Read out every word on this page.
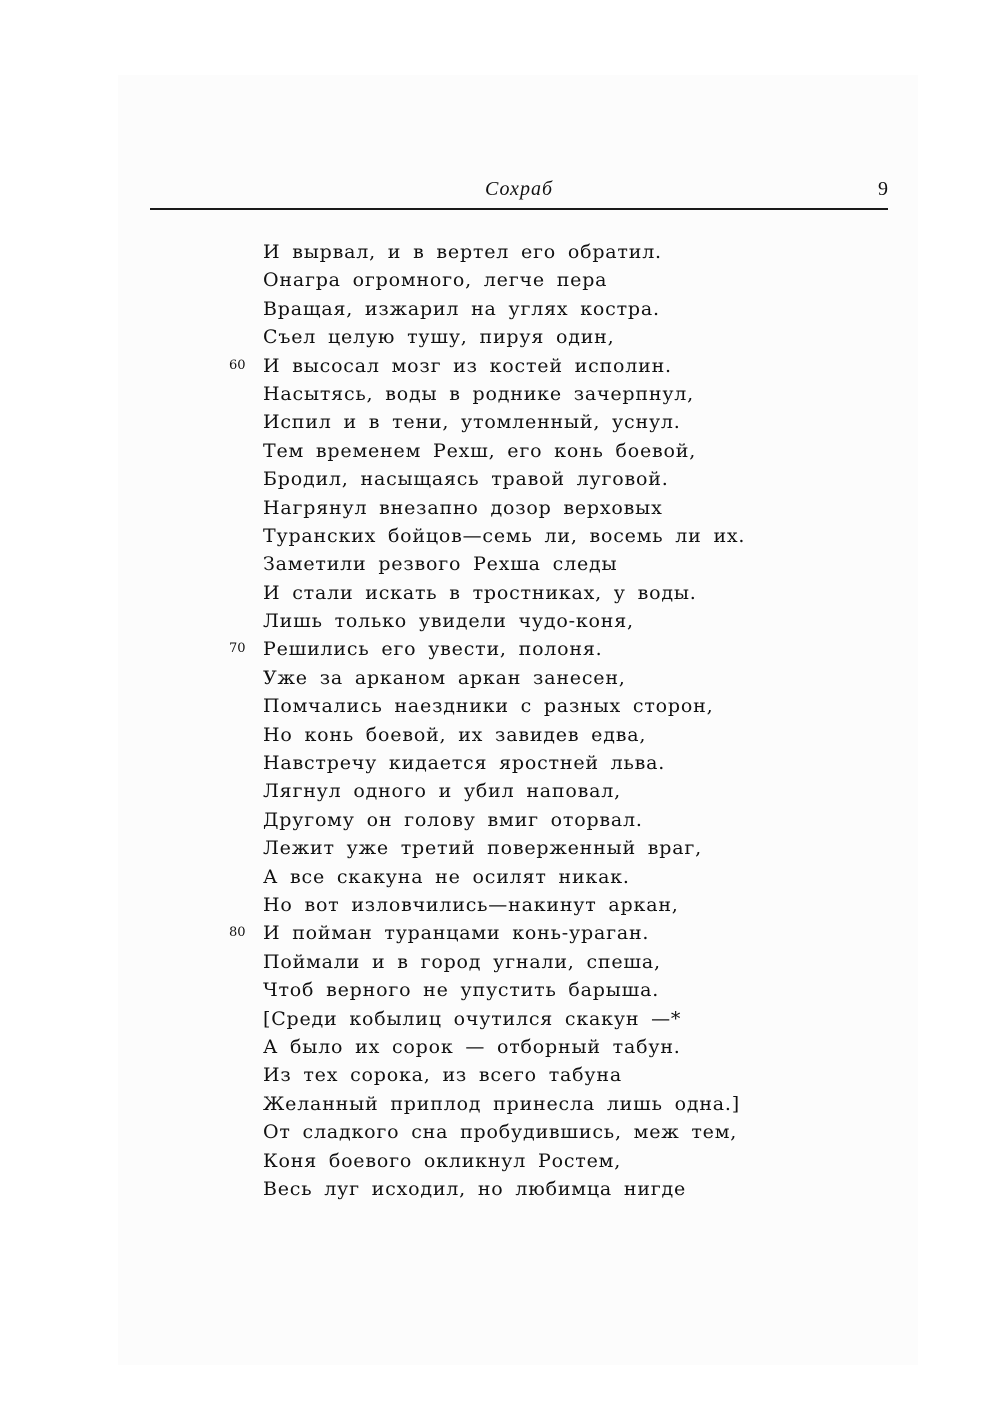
Сохраб	9
И вырвал, и в вертел его обратил.
Онагра огромного, легче пера
Вращая, изжарил на углях костра.
Съел целую тушу, пируя один,
60 И высосал мозг из костей исполин.
Насытясь, воды в роднике зачерпнул,
Испил и в тени, утомленный, уснул.
Тем временем Рехш, его конь боевой,
Бродил, насыщаясь травой луговой.
Нагрянул внезапно дозор верховых
Туранских бойцов—семь ли, восемь ли их.
Заметили резвого Рехша следы
И стали искать в тростниках, у воды.
Лишь только увидели чудо-коня,
70 Решились его увести, полоня.
Уже за арканом аркан занесен,
Помчались наездники с разных сторон,
Но конь боевой, их завидев едва,
Навстречу кидается яростней льва.
Лягнул одного и убил наповал,
Другому он голову вмиг оторвал.
Лежит уже третий поверженный враг,
А все скакуна не осилят никак.
Но вот изловчились—накинут аркан,
80 И пойман туранцами конь-ураган.
Поймали и в город угнали, спеша,
Чтоб верного не упустить барыша.
[Среди кобылиц очутился скакун —*
А было их сорок — отборный табун.
Из тех сорока, из всего табуна
Желанный приплод принесла лишь одна.]
От сладкого сна пробудившись, меж тем,
Коня боевого окликнул Ростем,
Весь луг исходил, но любимца нигде
